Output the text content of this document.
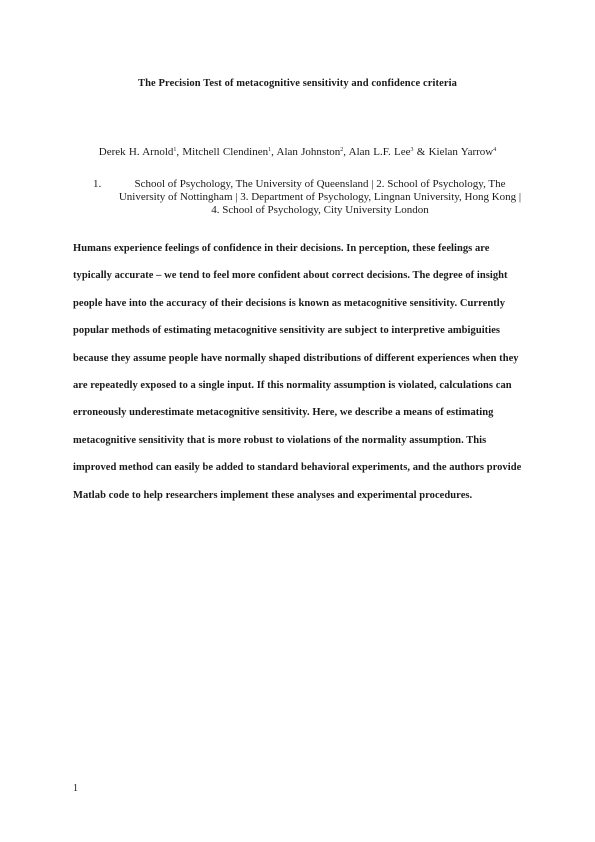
The Precision Test of metacognitive sensitivity and confidence criteria

Derek H. Arnold$^1$, Mitchell Clendinen$^1$, Alan Johnston$^2$, Alan L.F. Lee$^3$ & Kielan Yarrow$^4$

1.	School of Psychology, The University of Queensland | 2. School of Psychology, The University of Nottingham | 3. Department of Psychology, Lingnan University, Hong Kong | 4. School of Psychology, City University London

Humans experience feelings of confidence in their decisions. In perception, these feelings are typically accurate – we tend to feel more confident about correct decisions. The degree of insight people have into the accuracy of their decisions is known as metacognitive sensitivity. Currently popular methods of estimating metacognitive sensitivity are subject to interpretive ambiguities because they assume people have normally shaped distributions of different experiences when they are repeatedly exposed to a single input. If this normality assumption is violated, calculations can erroneously underestimate metacognitive sensitivity. Here, we describe a means of estimating metacognitive sensitivity that is more robust to violations of the normality assumption. This improved method can easily be added to standard behavioral experiments, and the authors provide Matlab code to help researchers implement these analyses and experimental procedures.

1
